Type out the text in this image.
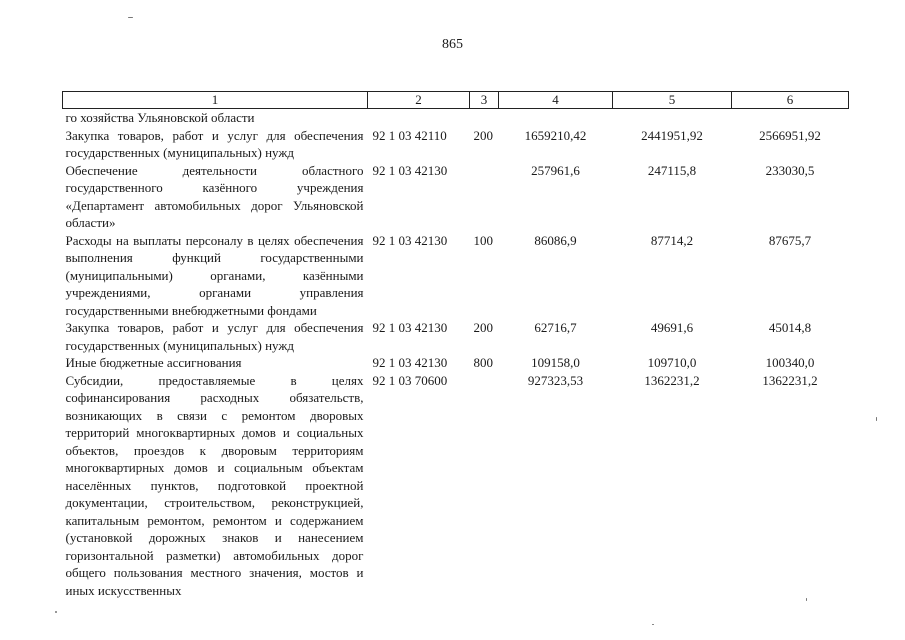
865
1	2	3	4	5	6
го хозяйства Ульяновской области					
Закупка товаров, работ и услуг для обеспечения государственных (муниципальных) нужд	92 1 03 42110	200	1659210,42	2441951,92	2566951,92
Обеспечение деятельности областного государственного казённого учреждения «Департамент автомобильных дорог Ульяновской области»	92 1 03 42130		257961,6	247115,8	233030,5
Расходы на выплаты персоналу в целях обеспечения выполнения функций государственными (муниципальными) органами, казёнными учреждениями, органами управления государственными внебюджетными фондами	92 1 03 42130	100	86086,9	87714,2	87675,7
Закупка товаров, работ и услуг для обеспечения государственных (муниципальных) нужд	92 1 03 42130	200	62716,7	49691,6	45014,8
Иные бюджетные ассигнования	92 1 03 42130	800	109158,0	109710,0	100340,0
Субсидии, предоставляемые в целях софинансирования расходных обязательств, возникающих в связи с ремонтом дворовых территорий многоквартирных домов и социальных объектов, проездов к дворовым территориям многоквартирных домов и социальным объектам населённых пунктов, подготовкой проектной документации, строительством, реконструкцией, капитальным ремонтом, ремонтом и содержанием (установкой дорожных знаков и нанесением горизонтальной разметки) автомобильных дорог общего пользования местного значения, мостов и иных искусственных	92 1 03 70600		927323,53	1362231,2	1362231,2
